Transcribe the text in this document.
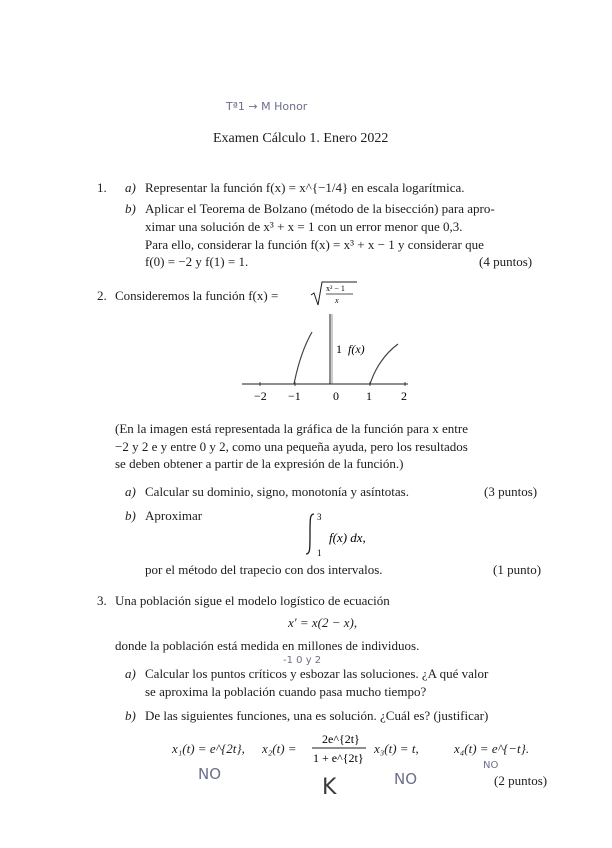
Tª1 → M Honor
Examen Cálculo 1. Enero 2022
1. a) Representar la función f(x) = x^{−1/4} en escala logarítmica.
b) Aplicar el Teorema de Bolzano (método de la bisección) para apro-
ximar una solución de x³ + x = 1 con un error menor que 0,3.
Para ello, considerar la función f(x) = x³ + x − 1 y considerar que
f(0) = −2 y f(1) = 1.	(4 puntos)
2. Consideremos la función f(x) =	x² − 1
x
1 f(x)
−2 −1	0 1 2
(En la imagen está representada la gráfica de la función para x entre
−2 y 2 e y entre 0 y 2, como una pequeña ayuda, pero los resultados
se deben obtener a partir de la expresión de la función.)
a) Calcular su dominio, signo, monotonía y asíntotas.	(3 puntos)
b) Aproximar	3
1
f(x) dx,
por el método del trapecio con dos intervalos.	(1 punto)
3. Una población sigue el modelo logístico de ecuación
x′ = x(2 − x),
donde la población está medida en millones de individuos.
-1 0 y 2
a) Calcular los puntos críticos y esbozar las soluciones. ¿A qué valor
se aproxima la población cuando pasa mucho tiempo?
b) De las siguientes funciones, una es solución. ¿Cuál es? (justificar)
x₁(t) = e^{2t}, x₂(t) =
2e^{2t}
1 + e^{2t}
x₃(t) = t,	x₄(t) = e^{−t}.
NO
K	NO
NO
(2 puntos)
